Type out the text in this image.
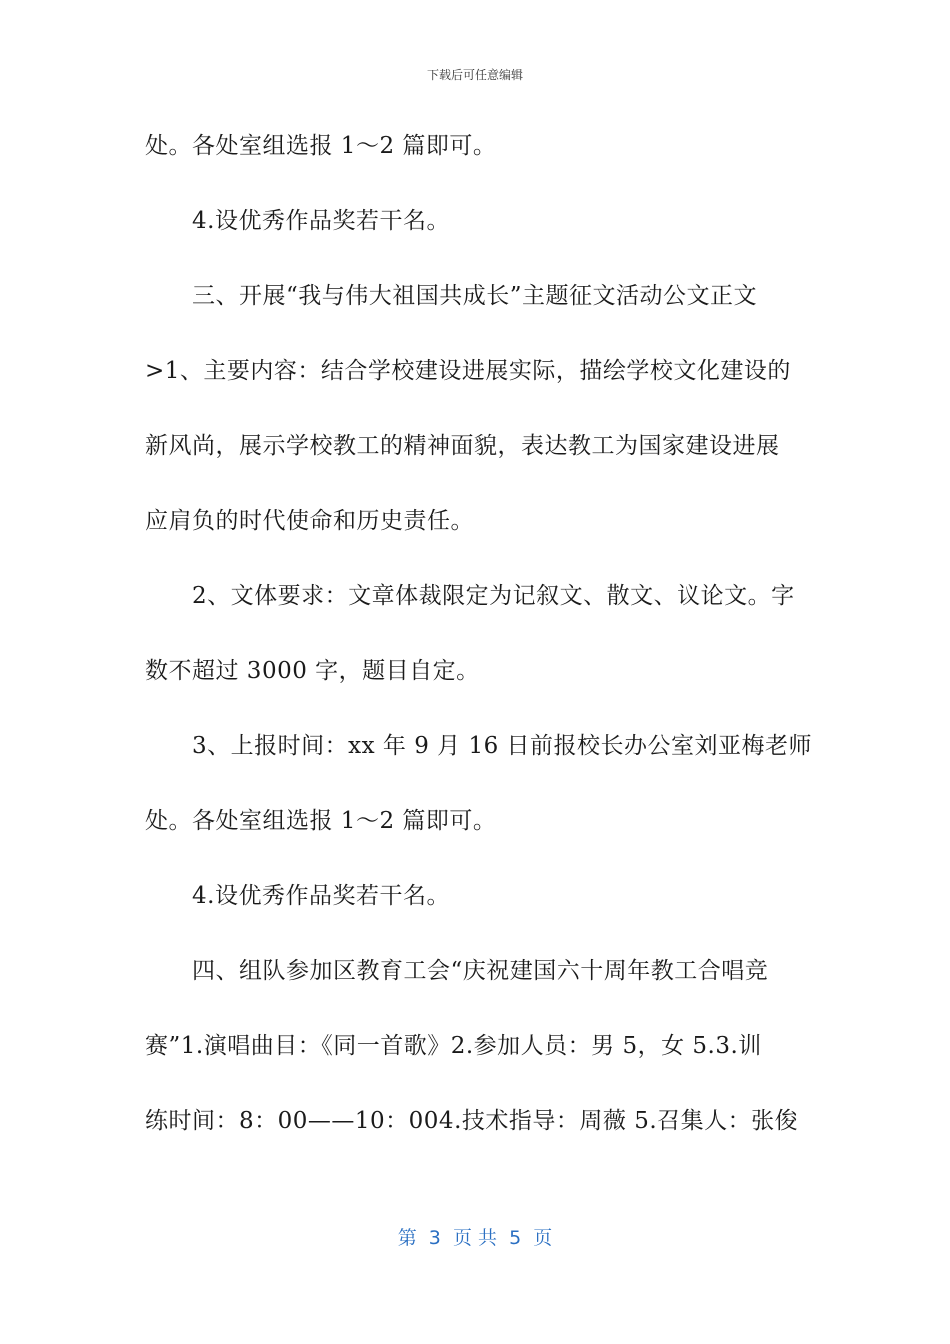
下载后可任意编辑
处。各处室组选报 1～2 篇即可。
4.设优秀作品奖若干名。
三、开展“我与伟大祖国共成长”主题征文活动公文正文
>1、主要内容：结合学校建设进展实际，描绘学校文化建设的
新风尚，展示学校教工的精神面貌，表达教工为国家建设进展
应肩负的时代使命和历史责任。
2、文体要求：文章体裁限定为记叙文、散文、议论文。字
数不超过 3000 字，题目自定。
3、上报时间：xx 年 9 月 16 日前报校长办公室刘亚梅老师
处。各处室组选报 1～2 篇即可。
4.设优秀作品奖若干名。
四、组队参加区教育工会“庆祝建国六十周年教工合唱竞
赛”1.演唱曲目：《同一首歌》2.参加人员：男 5，女 5.3.训
练时间：8：00——10：004.技术指导：周薇 5.召集人：张俊
第  3  页 共  5  页
